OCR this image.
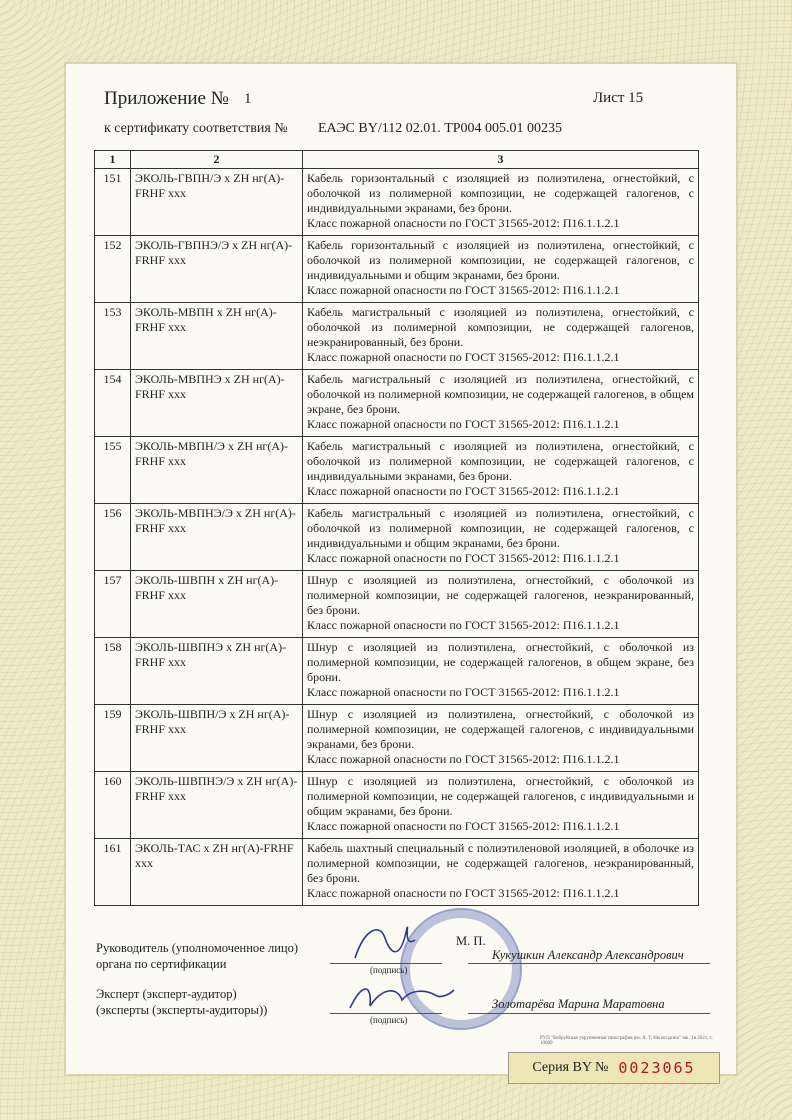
Приложение № 1	Лист 15
к сертификату соответствия № ЕАЭС BY/112 02.01. ТР004 005.01 00235
1	2	3
151	ЭКОЛЬ-ГВПН/Э x ZH нг(А)-FRHF xxx	Кабель горизонтальный с изоляцией из полиэтилена, огнестойкий, с оболочкой из полимерной композиции, не содержащей галогенов, с индивидуальными экранами, без брони.
Класс пожарной опасности по ГОСТ 31565-2012: П16.1.1.2.1

152	ЭКОЛЬ-ГВПНЭ/Э x ZH нг(А)-FRHF xxx	Кабель горизонтальный с изоляцией из полиэтилена, огнестойкий, с оболочкой из полимерной композиции, не содержащей галогенов, с индивидуальными и общим экранами, без брони.
Класс пожарной опасности по ГОСТ 31565-2012: П16.1.1.2.1

153	ЭКОЛЬ-МВПН x ZH нг(А)-FRHF xxx	Кабель магистральный с изоляцией из полиэтилена, огнестойкий, с оболочкой из полимерной композиции, не содержащей галогенов, неэкранированный, без брони.
Класс пожарной опасности по ГОСТ 31565-2012: П16.1.1.2.1

154	ЭКОЛЬ-МВПНЭ x ZH нг(А)-FRHF xxx	Кабель магистральный с изоляцией из полиэтилена, огнестойкий, с оболочкой из полимерной композиции, не содержащей галогенов, в общем экране, без брони.
Класс пожарной опасности по ГОСТ 31565-2012: П16.1.1.2.1

155	ЭКОЛЬ-МВПН/Э x ZH нг(А)-FRHF xxx	Кабель магистральный с изоляцией из полиэтилена, огнестойкий, с оболочкой из полимерной композиции, не содержащей галогенов, с индивидуальными экранами, без брони.
Класс пожарной опасности по ГОСТ 31565-2012: П16.1.1.2.1

156	ЭКОЛЬ-МВПНЭ/Э x ZH нг(А)-FRHF xxx	Кабель магистральный с изоляцией из полиэтилена, огнестойкий, с оболочкой из полимерной композиции, не содержащей галогенов, с индивидуальными и общим экранами, без брони.
Класс пожарной опасности по ГОСТ 31565-2012: П16.1.1.2.1

157	ЭКОЛЬ-ШВПН x ZH нг(А)-FRHF xxx	Шнур с изоляцией из полиэтилена, огнестойкий, с оболочкой из полимерной композиции, не содержащей галогенов, неэкранированный, без брони.
Класс пожарной опасности по ГОСТ 31565-2012: П16.1.1.2.1

158	ЭКОЛЬ-ШВПНЭ x ZH нг(А)-FRHF xxx	Шнур с изоляцией из полиэтилена, огнестойкий, с оболочкой из полимерной композиции, не содержащей галогенов, в общем экране, без брони.
Класс пожарной опасности по ГОСТ 31565-2012: П16.1.1.2.1

159	ЭКОЛЬ-ШВПН/Э x ZH нг(А)-FRHF xxx	Шнур с изоляцией из полиэтилена, огнестойкий, с оболочкой из полимерной композиции, не содержащей галогенов, с индивидуальными экранами, без брони.
Класс пожарной опасности по ГОСТ 31565-2012: П16.1.1.2.1

160	ЭКОЛЬ-ШВПНЭ/Э x ZH нг(А)-FRHF xxx	Шнур с изоляцией из полиэтилена, огнестойкий, с оболочкой из полимерной композиции, не содержащей галогенов, с индивидуальными и общим экранами, без брони.
Класс пожарной опасности по ГОСТ 31565-2012: П16.1.1.2.1

161	ЭКОЛЬ-ТАС x ZH нг(А)-FRHF xxx	Кабель шахтный специальный с полиэтиленовой изоляцией, в оболочке из полимерной композиции, не содержащей галогенов, неэкранированный, без брони.
Класс пожарной опасности по ГОСТ 31565-2012: П16.1.1.2.1
Руководитель (уполномоченное лицо)
органа по сертификации
М. П.
(подпись)
Кукушкин Александр Александрович
Эксперт (эксперт-аудитор)
(эксперты (эксперты-аудиторы))
(подпись)
Золотарёва Марина Маратовна
РУП "Бобруйская укрупненная типография им. А. Т. Непогодина" зак. 1в 2021, т. 10000
Серия BY № 0023065
